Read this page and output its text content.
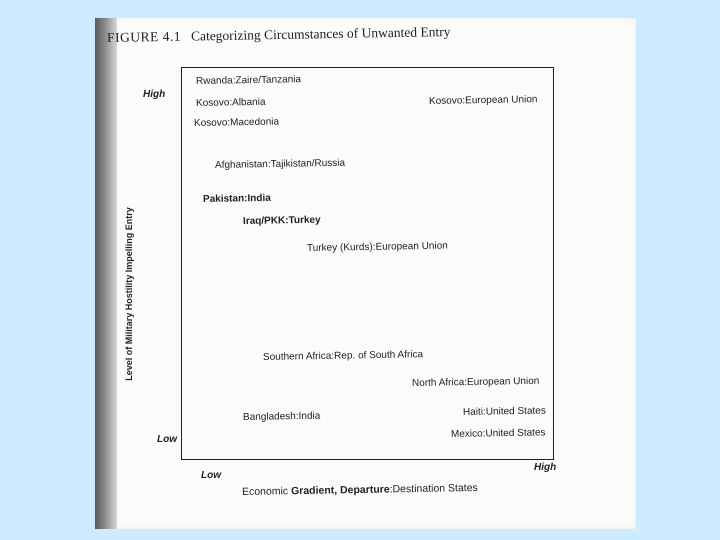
FIGURE 4.1 Categorizing Circumstances of Unwanted Entry
Level of Military Hostility Impelling Entry
High
Low
Low
High
Economic Gradient, Departure:Destination States
Rwanda:Zaire/Tanzania
Kosovo:Albania	Kosovo:European Union
Kosovo:Macedonia
Afghanistan:Tajikistan/Russia
Pakistan:India
Iraq/PKK:Turkey
Turkey (Kurds):European Union
Southern Africa:Rep. of South Africa
North Africa:European Union
Haiti:United States
Bangladesh:India
Mexico:United States
